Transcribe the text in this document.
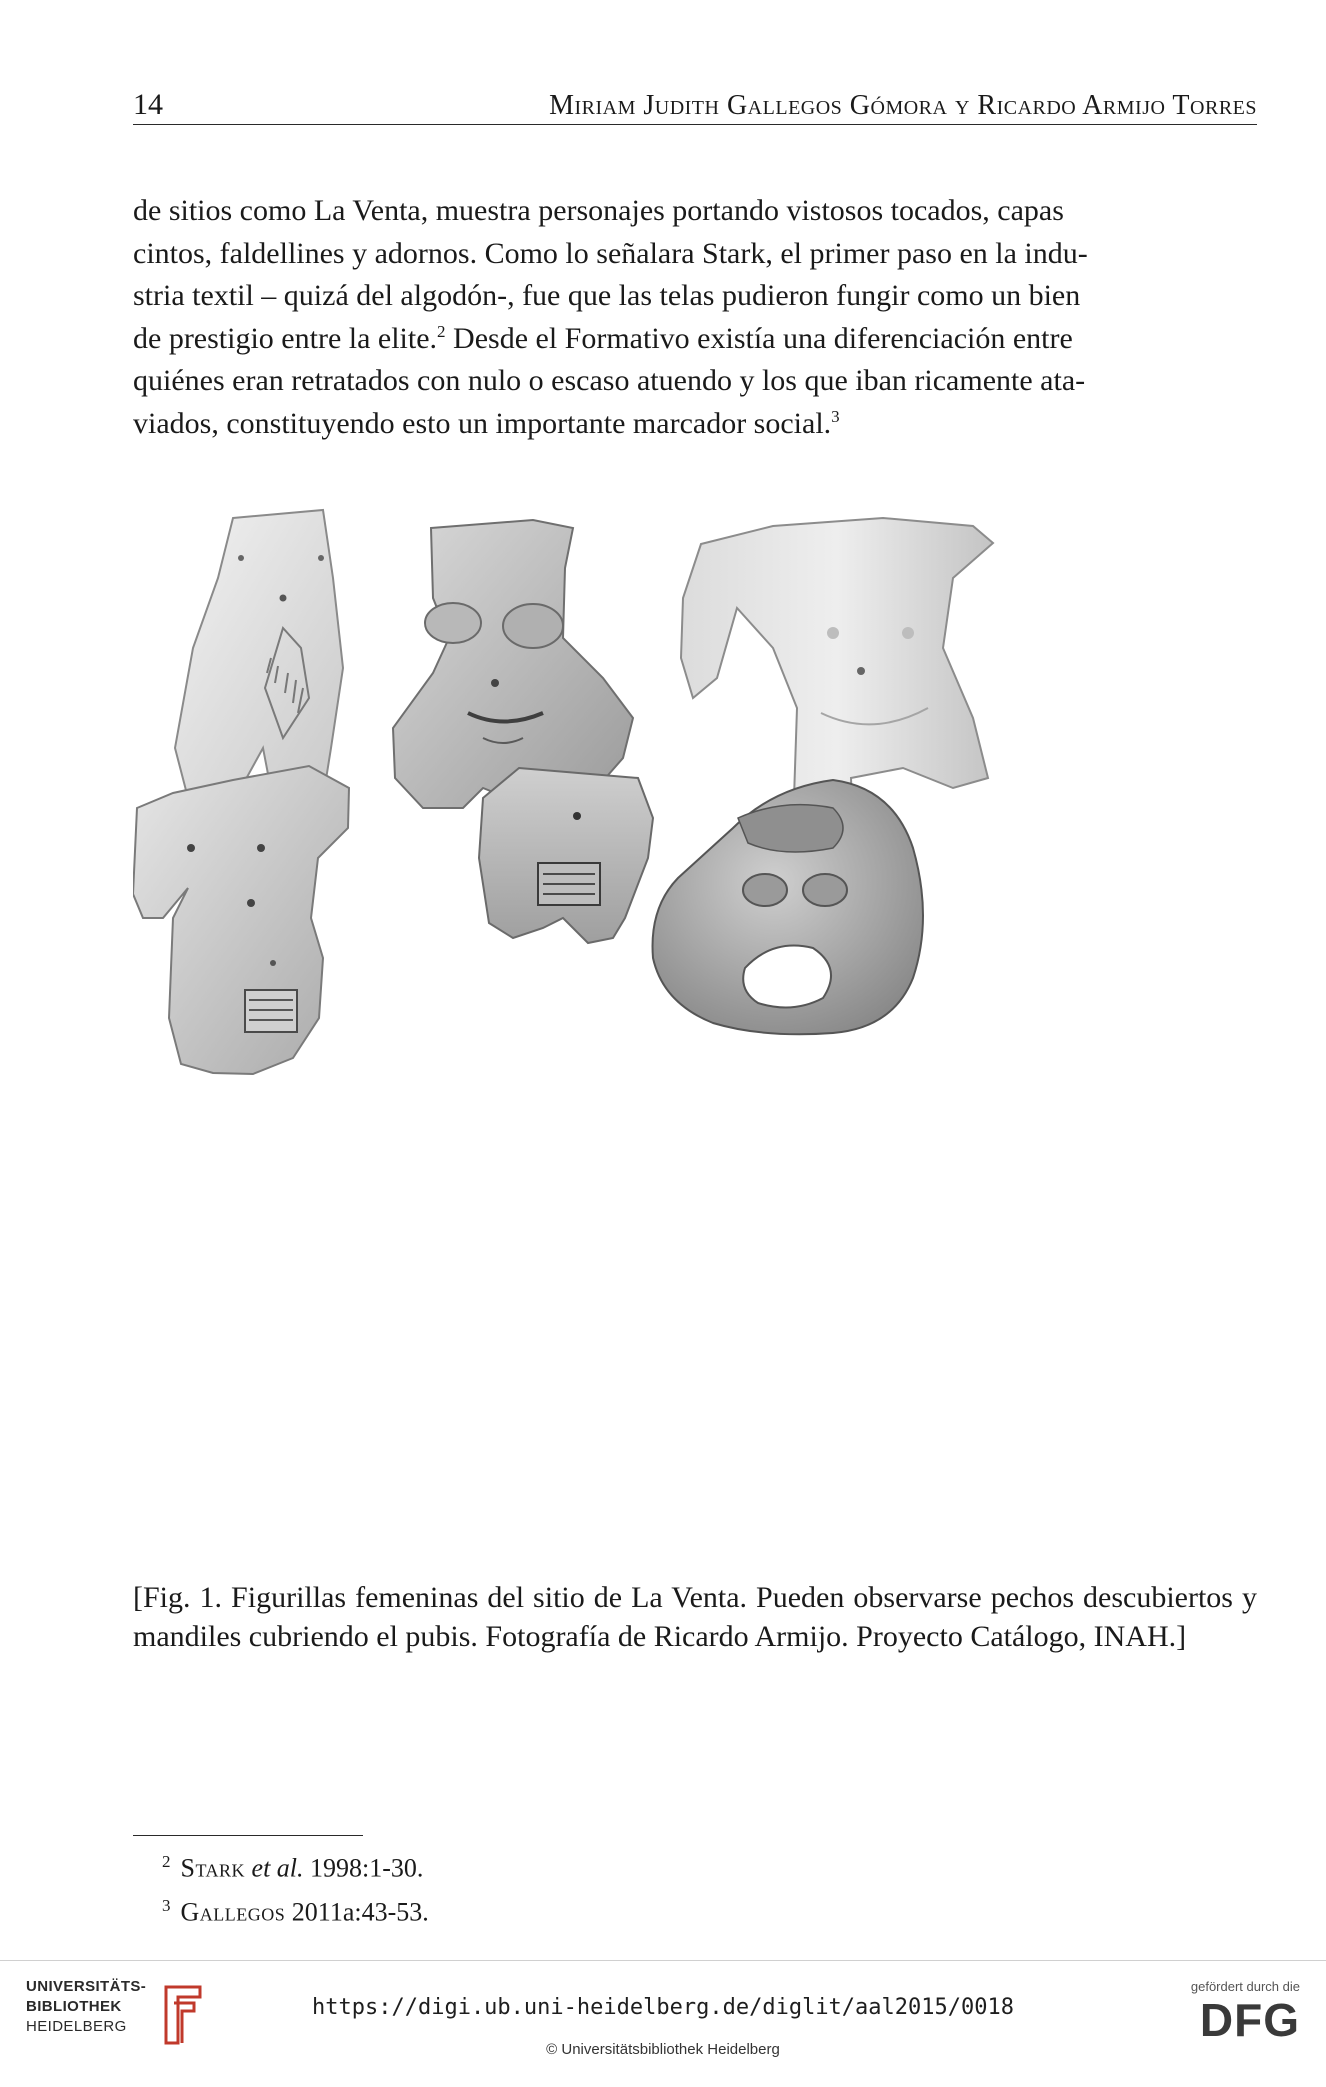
14	Miriam Judith Gallegos Gómora y Ricardo Armijo Torres

de sitios como La Venta, muestra personajes portando vistosos tocados, capas

cintos, faldellines y adornos. Como lo señalara Stark, el primer paso en la indu-

stria textil – quizá del algodón-, fue que las telas pudieron fungir como un bien

de prestigio entre la elite.$^2$ Desde el Formativo existía una diferenciación entre

quiénes eran retratados con nulo o escaso atuendo y los que iban ricamente ata-

viados, constituyendo esto un importante marcador social.$^3$

[Fig. 1. Figurillas femeninas del sitio de La Venta. Pueden observarse pechos descubiertos y mandiles cubriendo el pubis. Fotografía de Ricardo Armijo. Proyecto Catálogo, INAH.]
$^2$ Stark et al. 1998:1-30.
$^3$ Gallegos 2011a:43-53.
UNIVERSITÄTS-
BIBLIOTHEK
HEIDELBERG
https://digi.ub.uni-heidelberg.de/diglit/aal2015/0018
© Universitätsbibliothek Heidelberg
gefördert durch die
DFG
